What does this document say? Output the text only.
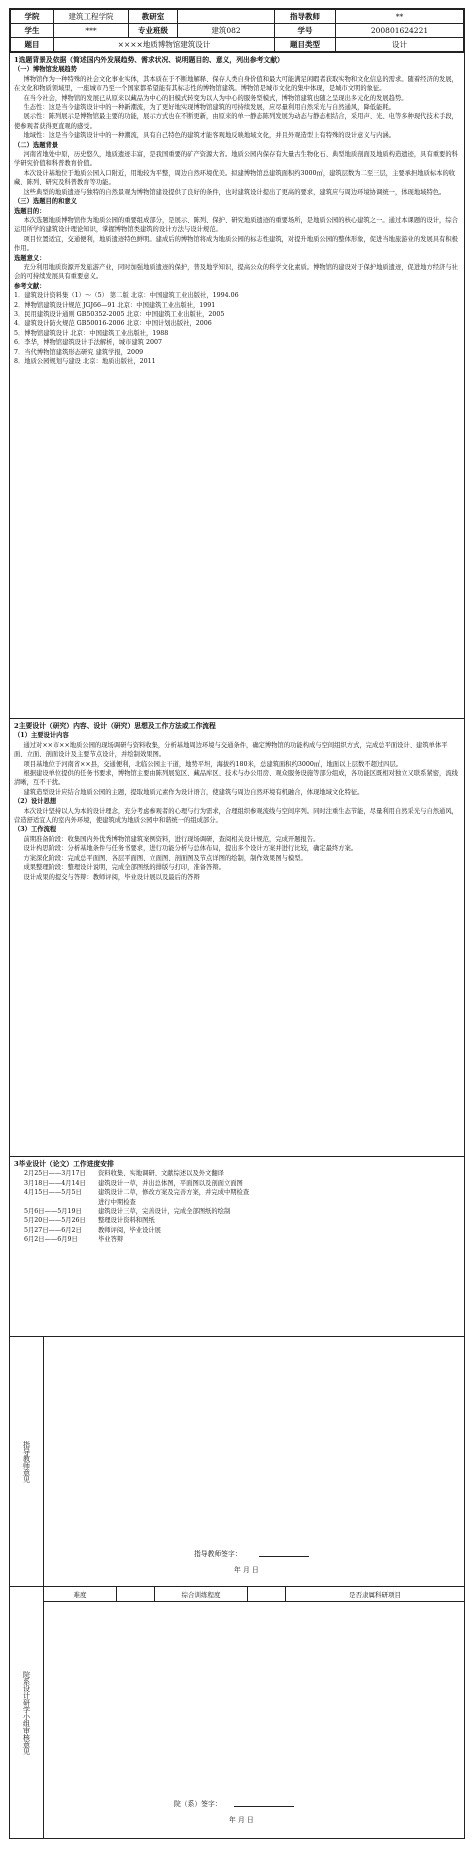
学院	建筑工程学院	教研室		指导教师	**
学生	***	专业班级	建筑082	学号	200801624221
题目	××××地质博物馆建筑设计			题目类型	设计

1选题背景及依据（简述国内外发展趋势、需求状况、说明题目的、意义，列出参考文献）

（一）博物馆发展趋势

博物馆作为一种特殊的社会文化事业实体，其本质在于不断地解释、保存人类自身价值和最大可能满足闲暇者获取实物和文化信息的需求。随着经济的发展，在文化和物质领域里，一座城市乃至一个国家都希望能有其标志性的博物馆建筑。博物馆是城市文化的集中体现，是城市文明的象征。

在当今社会，博物馆的发展已从原来以藏品为中心的旧模式转变为以人为中心的服务型模式，博物馆建筑也随之呈现出多元化的发展趋势。

生态性：这是当今建筑设计中的一种新潮流，为了更好地实现博物馆建筑的可持续发展，应尽量利用自然采光与自然通风，降低能耗。

展示性：陈列展示是博物馆最主要的功能，展示方式也在不断更新，由原来的单一静态陈列发展为动态与静态相结合，采用声、光、电等多种现代技术手段，使参观者获得更直观的感受。

地域性：这是当今建筑设计中的一种潮流，具有自己特色的建筑才能客观地反映地域文化，并且外观造型上有特殊的设计意义与内涵。

（二）选题背景

河南省地处中原，历史悠久，地质遗迹丰富，是我国重要的矿产资源大省。地质公园内保存有大量古生物化石、典型地质剖面及地质构造遗迹，具有重要的科学研究价值和科普教育价值。

本次设计基地位于地质公园入口附近，用地较为平整，周边自然环境优美。拟建博物馆总建筑面积约3000㎡，建筑层数为二至三层，主要承担地质标本的收藏、陈列、研究及科普教育等功能。

这些典型的地质遗迹与独特的自然景观为博物馆建设提供了良好的条件，也对建筑设计提出了更高的要求，建筑应与周边环境协调统一，体现地域特色。

（三）选题目的和意义

选题目的：

本次选题地质博物馆作为地质公园的重要组成部分，是展示、陈列、保护、研究地质遗迹的重要场所，是地质公园的核心建筑之一。通过本课题的设计，综合运用所学的建筑设计理论知识，掌握博物馆类建筑的设计方法与设计规范。

项目位置适宜，交通便利，地质遗迹特色鲜明。建成后的博物馆将成为地质公园的标志性建筑，对提升地质公园的整体形象，促进当地旅游业的发展具有积极作用。

选题意义：

充分利用地质资源开发旅游产业，同时加强地质遗迹的保护，普及地学知识，提高公众的科学文化素质。博物馆的建设对于保护地质遗迹，促进地方经济与社会的可持续发展具有重要意义。

参考文献：

1．建筑设计资料集（1）～（5） 第二版 北京：中国建筑工业出版社，1994.06

2．博物馆建筑设计规范 JGJ66—91 北京：中国建筑工业出版社，1991

3．民用建筑设计通则 GB50352-2005 北京：中国建筑工业出版社，2005

4．建筑设计防火规范 GB50016-2006 北京：中国计划出版社，2006

5．博物馆建筑设计 北京：中国建筑工业出版社，1988

6．李华，博物馆建筑设计手法解析，城市建筑 2007

7．当代博物馆建筑形态研究 建筑学报，2009

8．地质公园规划与建设 北京：地质出版社，2011

2主要设计（研究）内容、设计（研究）思想及工作方法或工作流程

（1）主要设计内容

通过对××市××地质公园的现场调研与资料收集，分析基地周边环境与交通条件，确定博物馆的功能构成与空间组织方式，完成总平面设计、建筑单体平面、立面、剖面设计及主要节点设计，并绘制效果图。

项目基地位于河南省××县，交通便利，北临公园主干道，地势平坦，海拔约180米，总建筑面积约3000㎡，地面以上层数不超过四层。

根据建设单位提供的任务书要求，博物馆主要由陈列展览区、藏品库区、技术与办公用房、观众服务设施等部分组成，各功能区既相对独立又联系紧密，流线清晰，互不干扰。

建筑造型设计应结合地质公园的主题，提取地质元素作为设计语言，使建筑与周边自然环境有机融合，体现地域文化特征。

（2）设计思想

本次设计坚持以人为本的设计理念，充分考虑参观者的心理与行为需求，合理组织参观流线与空间序列。同时注重生态节能，尽量利用自然采光与自然通风，营造舒适宜人的室内外环境，使建筑成为地质公园中和谐统一的组成部分。

（3）工作流程

前期准备阶段：收集国内外优秀博物馆建筑案例资料，进行现场调研，查阅相关设计规范，完成开题报告。

设计构思阶段：分析基地条件与任务书要求，进行功能分析与总体布局，提出多个设计方案并进行比较，确定最终方案。

方案深化阶段：完成总平面图、各层平面图、立面图、剖面图及节点详图的绘制，制作效果图与模型。

成果整理阶段：整理设计说明，完成全部图纸的排版与打印，准备答辩。

设计成果的提交与答辩：教师评阅，毕业设计展以及最后的答辩

3毕业设计（论文）工作进度安排

2月25日——3月17日	资料收集、实地调研、文献综述以及外文翻译
3月18日——4月14日	建筑设计一草，并出总体图，平面图以及剖面立面图
4月15日——5月5日	建筑设计二草，修改方案及完善方案，并完成中期检查
进行中期检查
5月6日——5月19日	建筑设计三草，完善设计，完成全部图纸的绘制
5月20日——5月26日	整理设计资料和图纸
5月27日——6月2日	教师评阅，毕业设计展
6月2日——6月9日	毕业答辩
指导教师意见
指导教师签字：
年 月 日
院系设计研学小组审核意见
难度		综合训练程度		是否隶属科研项目
院（系）签字：
年 月 日
